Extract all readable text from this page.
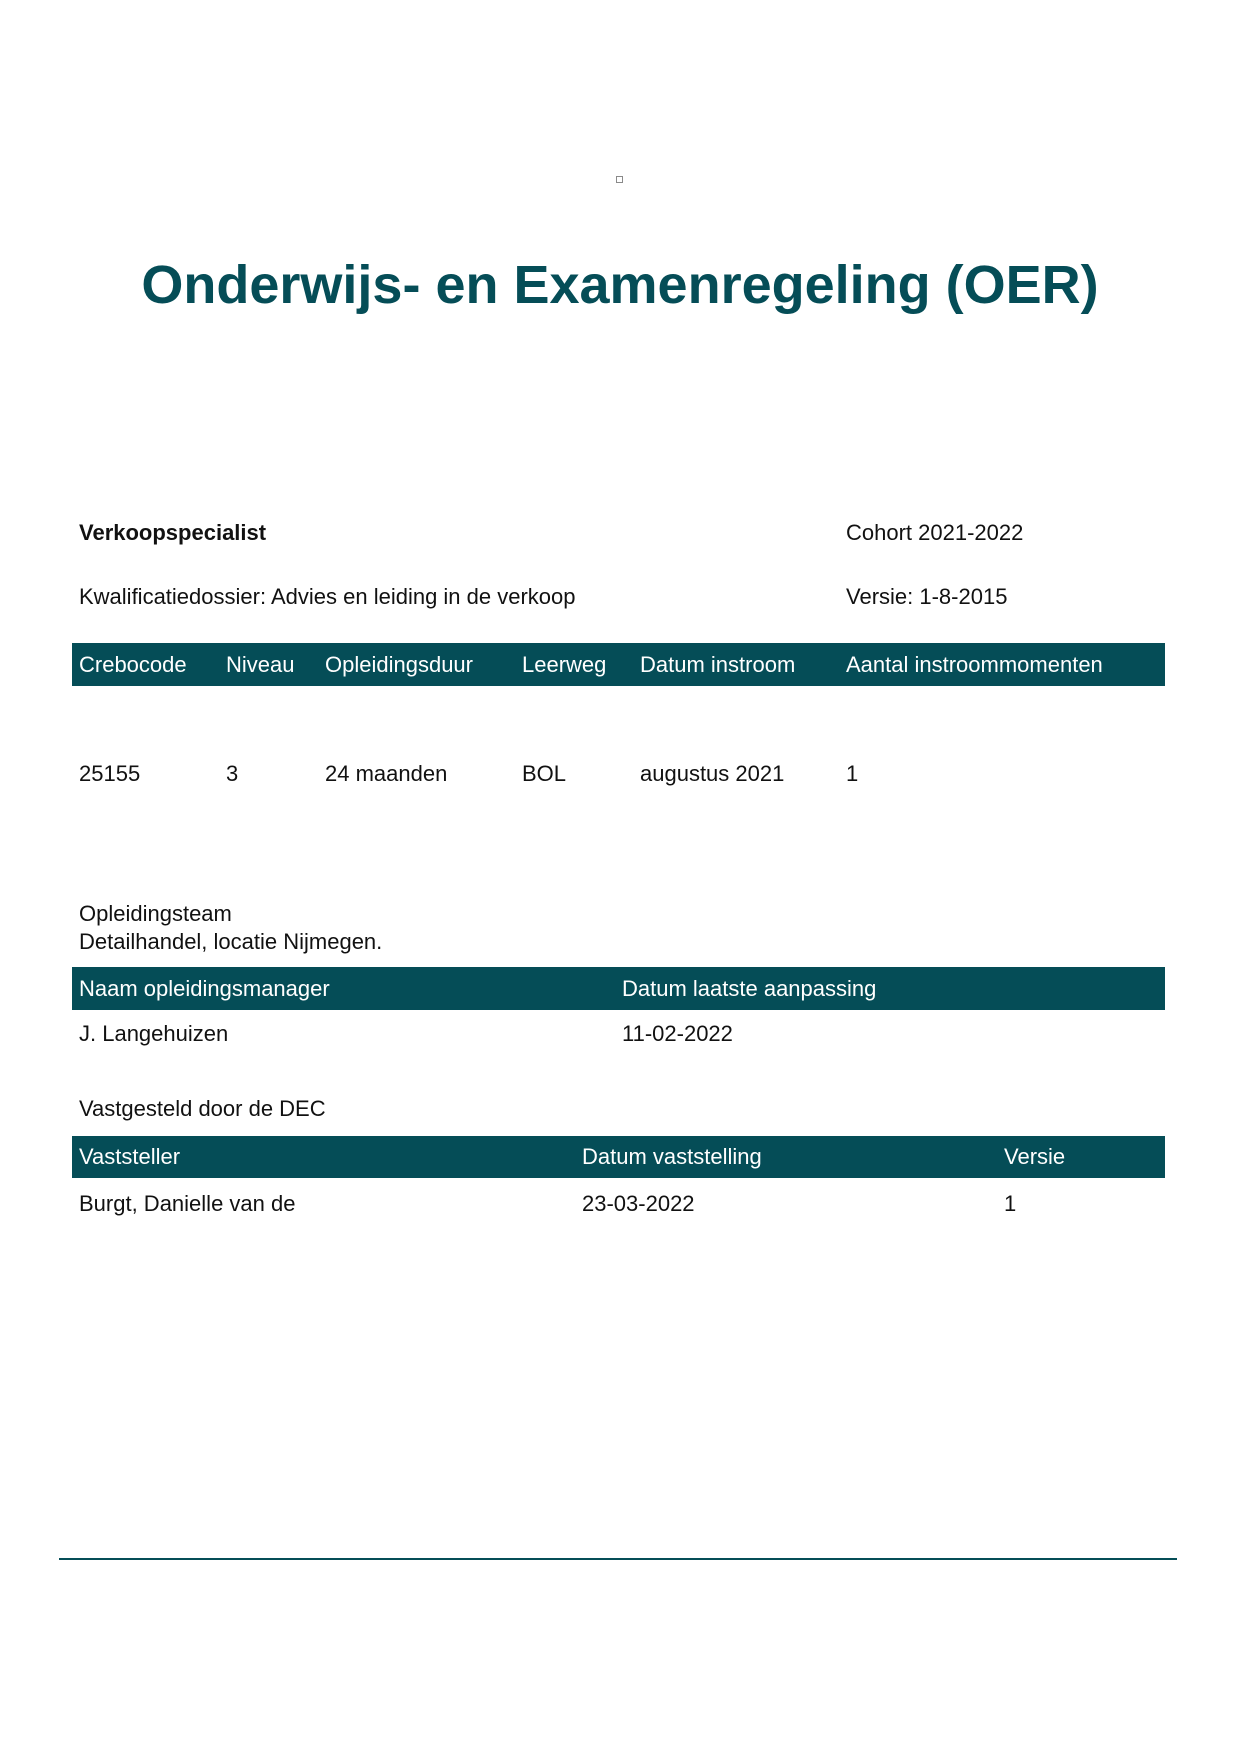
Onderwijs- en Examenregeling (OER)
Verkoopspecialist	Cohort 2021-2022
Kwalificatiedossier: Advies en leiding in de verkoop	Versie: 1-8-2015
Crebocode	Niveau	Opleidingsduur	Leerweg	Datum instroom	Aantal instroommomenten
25155	3	24 maanden	BOL	augustus 2021	1
Opleidingsteam
Detailhandel, locatie Nijmegen.
Naam opleidingsmanager	Datum laatste aanpassing
J. Langehuizen	11-02-2022
Vastgesteld door de DEC
Vaststeller	Datum vaststelling	Versie
Burgt, Danielle van de	23-03-2022	1
